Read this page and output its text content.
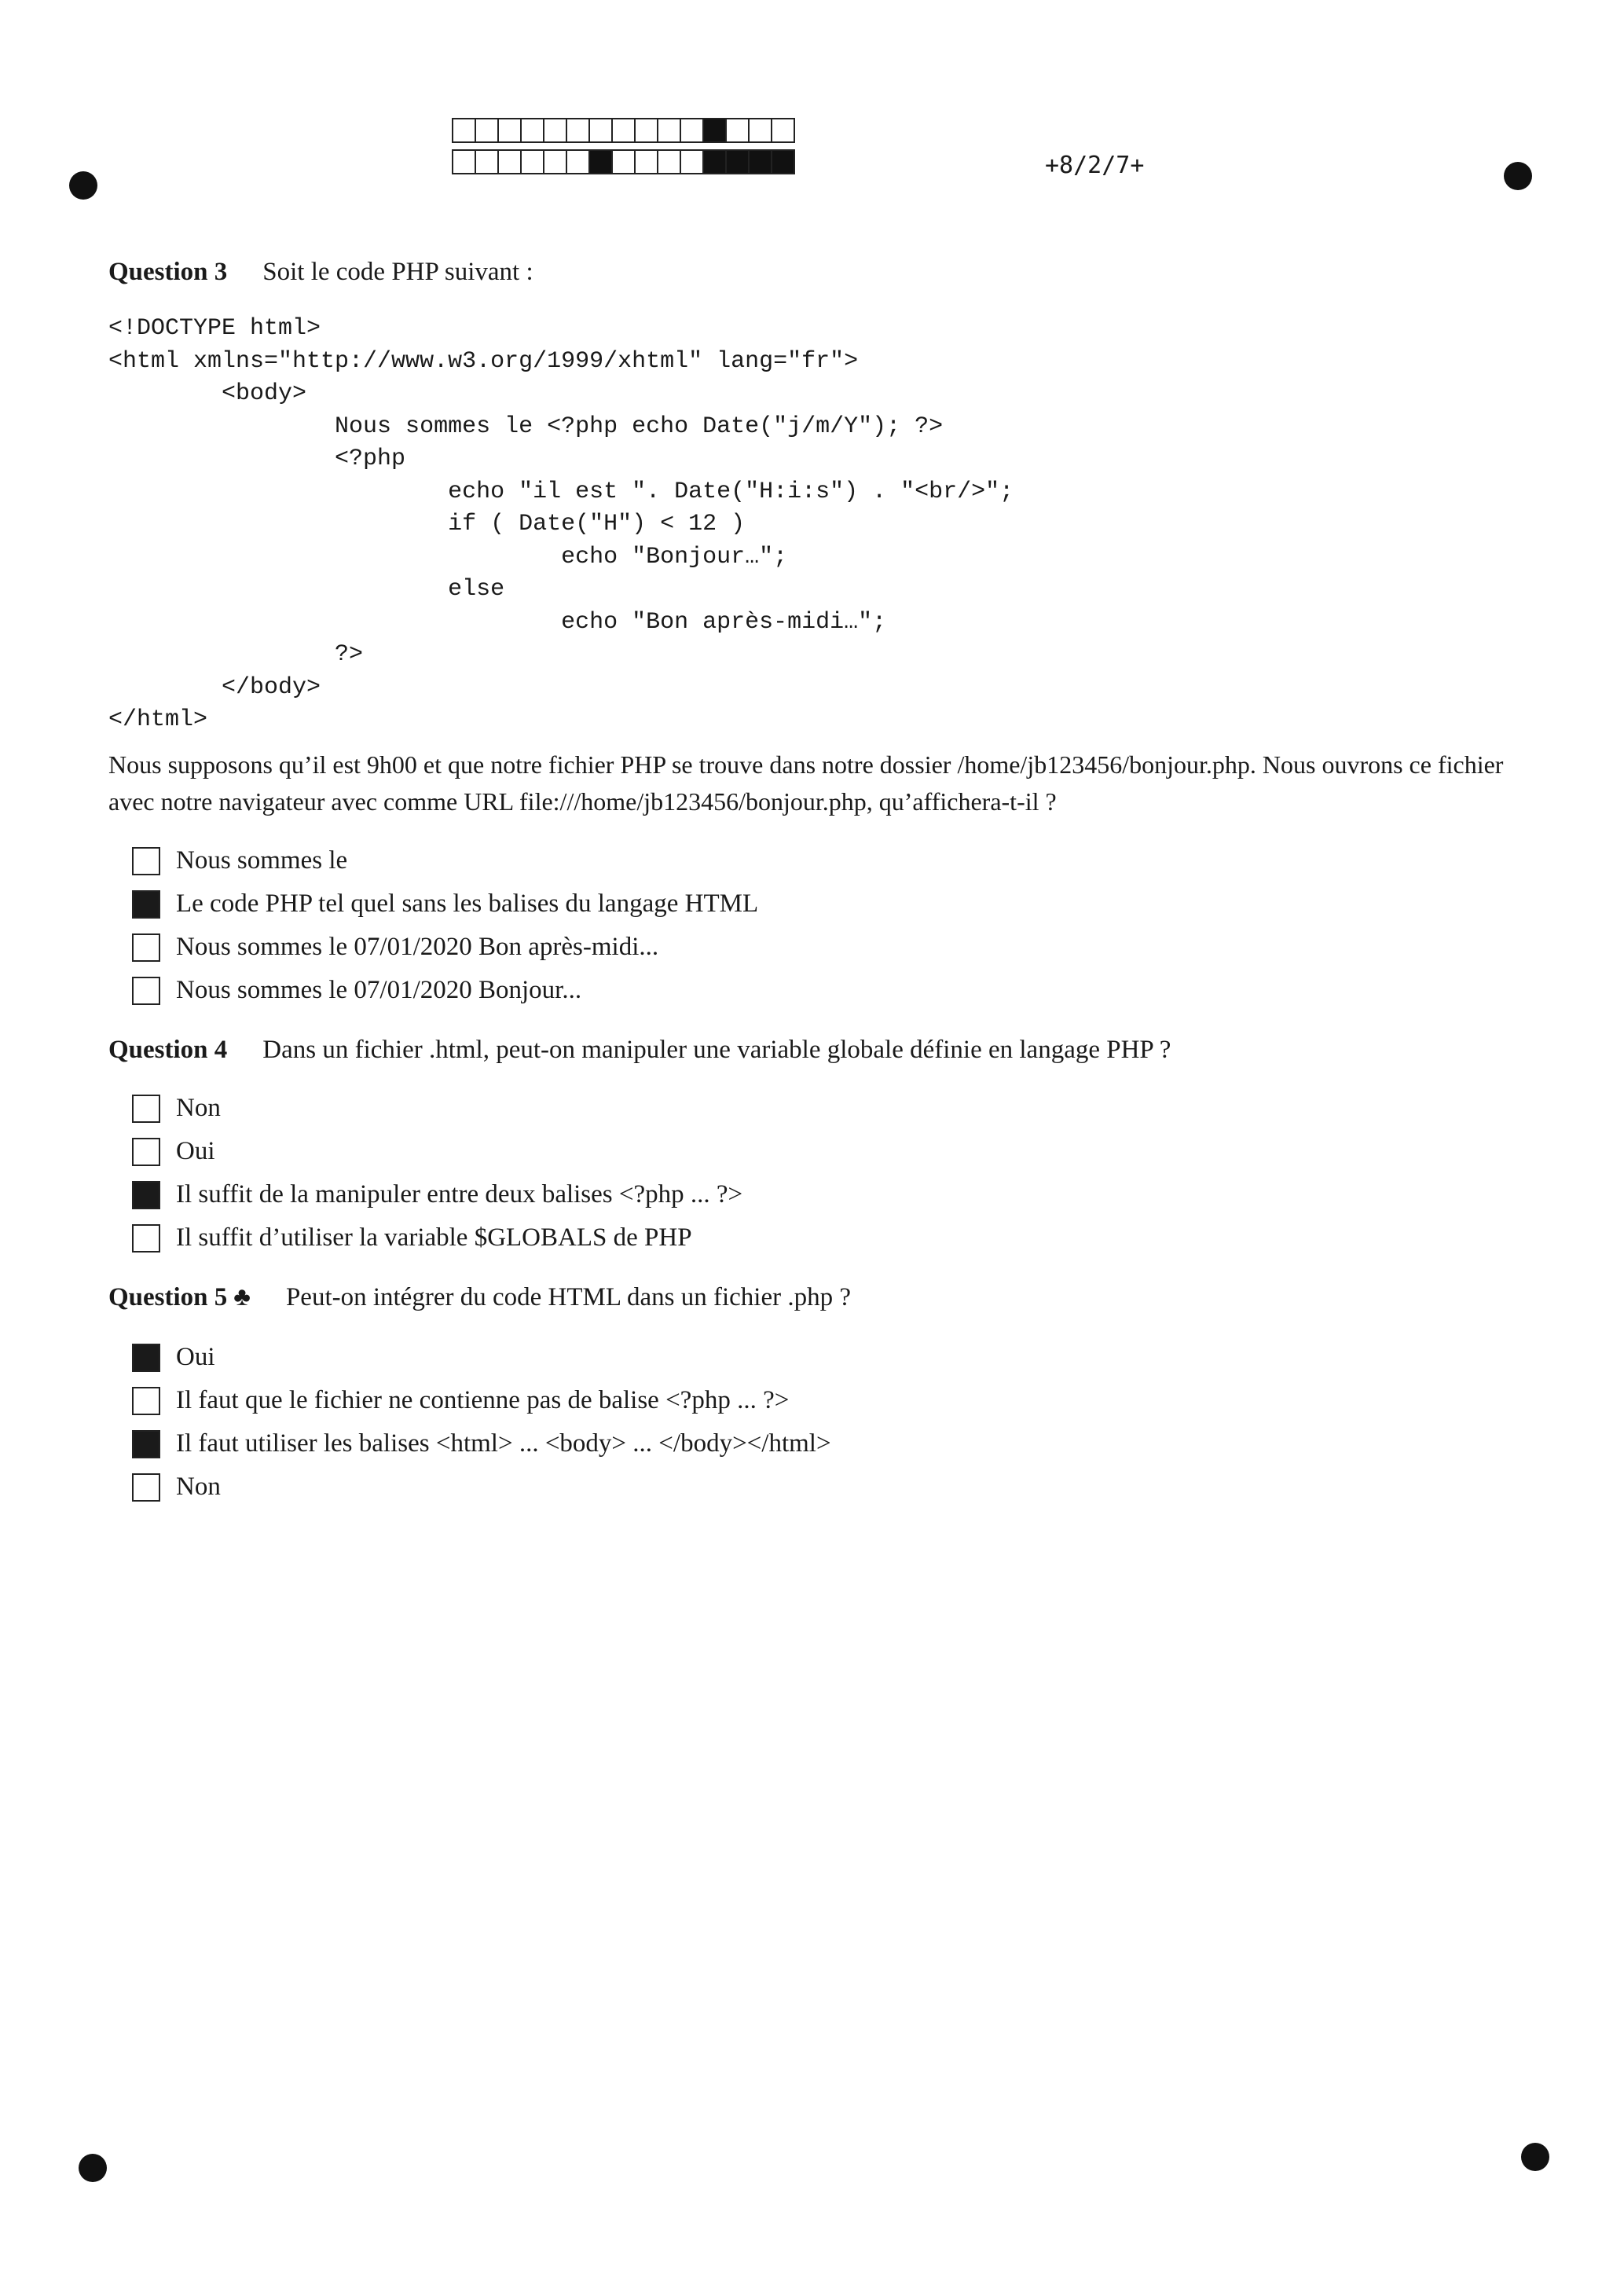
+8/2/7+
Question 3 Soit le code PHP suivant :
<!DOCTYPE html>
<html xmlns="http://www.w3.org/1999/xhtml" lang="fr">
<body>
Nous sommes le <?php echo Date("j/m/Y"); ?>
<?php
echo "il est ". Date("H:i:s") . "<br/>";
if ( Date("H") < 12 )
echo "Bonjour…";
else
echo "Bon après-midi…";
?>
</body>
</html>
Nous supposons qu’il est 9h00 et que notre fichier PHP se trouve dans notre dossier /home/jb123456/bonjour.php. Nous ouvrons ce fichier avec notre navigateur avec comme URL file:///home/jb123456/bonjour.php, qu’affichera-t-il ?
Nous sommes le
Le code PHP tel quel sans les balises du langage HTML
Nous sommes le 07/01/2020 Bon après-midi...
Nous sommes le 07/01/2020 Bonjour...
Question 4 Dans un fichier .html, peut-on manipuler une variable globale définie en langage PHP ?
Non
Oui
Il suffit de la manipuler entre deux balises <?php ... ?>
Il suffit d’utiliser la variable $GLOBALS de PHP
Question 5 ♣ Peut-on intégrer du code HTML dans un fichier .php ?
Oui
Il faut que le fichier ne contienne pas de balise <?php ... ?>
Il faut utiliser les balises <html> ... <body> ... </body></html>
Non
